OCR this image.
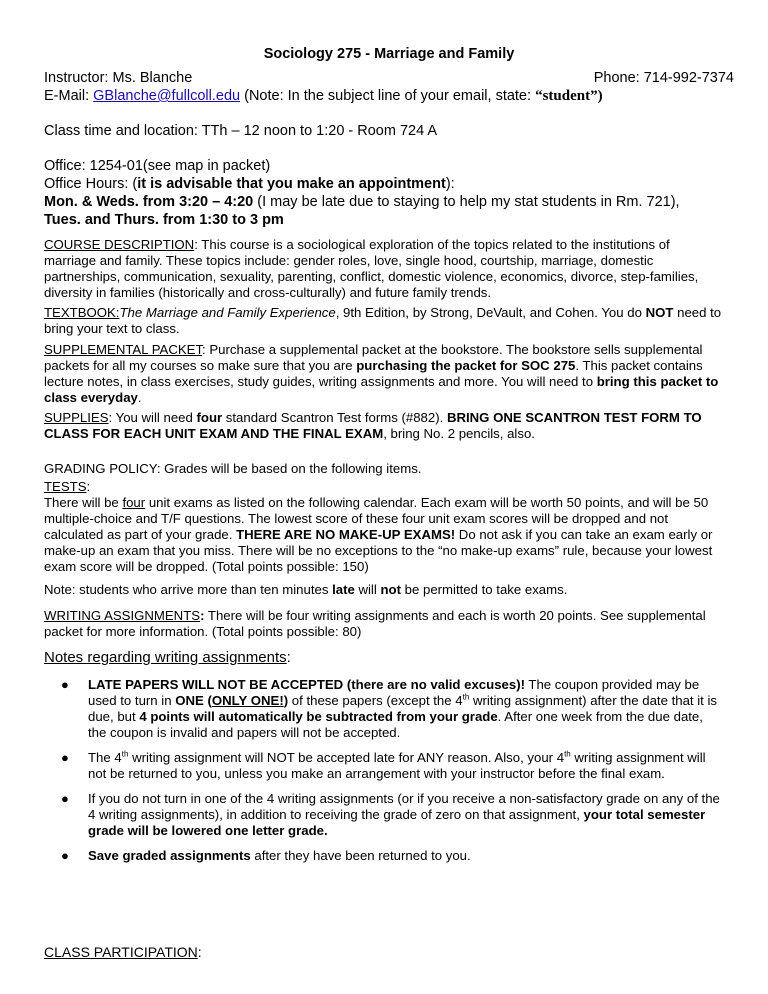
Sociology 275 - Marriage and Family
Instructor: Ms. Blanche	Phone: 714-992-7374
E-Mail: GBlanche@fullcoll.edu (Note: In the subject line of your email, state: “student”)
Class time and location: TTh – 12 noon to 1:20 - Room 724 A
Office: 1254-01(see map in packet)
Office Hours: (it is advisable that you make an appointment):
Mon. & Weds. from 3:20 – 4:20 (I may be late due to staying to help my stat students in Rm. 721),
Tues. and Thurs. from 1:30 to 3 pm
COURSE DESCRIPTION: This course is a sociological exploration of the topics related to the institutions of marriage and family. These topics include: gender roles, love, single hood, courtship, marriage, domestic partnerships, communication, sexuality, parenting, conflict, domestic violence, economics, divorce, step-families, diversity in families (historically and cross-culturally) and future family trends.
TEXTBOOK:The Marriage and Family Experience, 9th Edition, by Strong, DeVault, and Cohen. You do NOT need to bring your text to class.
SUPPLEMENTAL PACKET: Purchase a supplemental packet at the bookstore. The bookstore sells supplemental packets for all my courses so make sure that you are purchasing the packet for SOC 275. This packet contains lecture notes, in class exercises, study guides, writing assignments and more. You will need to bring this packet to class everyday.
SUPPLIES: You will need four standard Scantron Test forms (#882). BRING ONE SCANTRON TEST FORM TO CLASS FOR EACH UNIT EXAM AND THE FINAL EXAM, bring No. 2 pencils, also.
GRADING POLICY: Grades will be based on the following items.
TESTS:
There will be four unit exams as listed on the following calendar. Each exam will be worth 50 points, and will be 50 multiple-choice and T/F questions. The lowest score of these four unit exam scores will be dropped and not calculated as part of your grade. THERE ARE NO MAKE-UP EXAMS! Do not ask if you can take an exam early or make-up an exam that you miss. There will be no exceptions to the “no make-up exams” rule, because your lowest exam score will be dropped. (Total points possible: 150)
Note: students who arrive more than ten minutes late will not be permitted to take exams.
WRITING ASSIGNMENTS: There will be four writing assignments and each is worth 20 points. See supplemental packet for more information. (Total points possible: 80)
Notes regarding writing assignments:
● LATE PAPERS WILL NOT BE ACCEPTED (there are no valid excuses)! The coupon provided may be used to turn in ONE (ONLY ONE!) of these papers (except the 4th writing assignment) after the date that it is due, but 4 points will automatically be subtracted from your grade. After one week from the due date, the coupon is invalid and papers will not be accepted.
● The 4th writing assignment will NOT be accepted late for ANY reason. Also, your 4th writing assignment will not be returned to you, unless you make an arrangement with your instructor before the final exam.
● If you do not turn in one of the 4 writing assignments (or if you receive a non-satisfactory grade on any of the 4 writing assignments), in addition to receiving the grade of zero on that assignment, your total semester grade will be lowered one letter grade.
● Save graded assignments after they have been returned to you.
CLASS PARTICIPATION:
